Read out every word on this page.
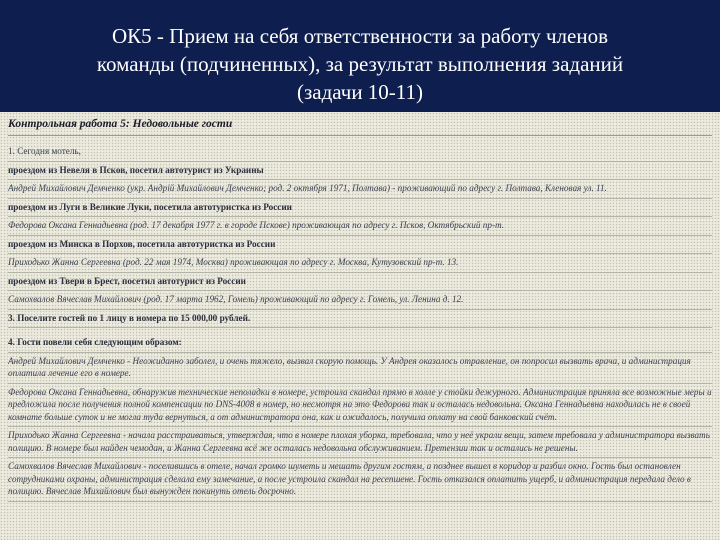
ОК5 - Прием на себя ответственности за работу членов
команды (подчиненных), за результат выполнения заданий
(задачи 10-11)
Контрольная работа 5: Недовольные гости
1. Сегодня мотель,
проездом из Невеля в Псков, посетил автотурист из Украины
Андрей Михайлович Демченко (укр. Андрій Михайлович Демченко; род. 2 октября 1971, Полтава) - проживающий по адресу г. Полтава, Кленовая ул. 11.
проездом из Луги в Великие Луки, посетила автотуристка из России
Федорова Оксана Геннадьевна (род. 17 декабря 1977 г. в городе Пскове) проживающая по адресу г. Псков, Октябрьский пр-т.
проездом из Минска в Порхов, посетила автотуристка из России
Приходько Жанна Сергеевна (род. 22 мая 1974, Москва) проживающая по адресу г. Москва, Кутузовский пр-т. 13.
проездом из Твери в Брест, посетил автотурист из России
Самохвалов Вячеслав Михайлович (род. 17 марта 1962, Гомель) проживающий по адресу г. Гомель, ул. Ленина д. 12.
3. Поселите гостей по 1 лицу в номера по 15 000,00 рублей.
4. Гости повели себя следующим образом:
Андрей Михайлович Демченко - Неожиданно заболел, и очень тяжело, вызвал скорую помощь. У Андрея оказалось отравление, он попросил вызвать врача, и администрация оплатила лечение его в номере.
Федорова Оксана Геннадьевна, обнаружив технические неполадки в номере, устроила скандал прямо в холле у стойки дежурного. Администрация приняла все возможные меры и предложила после получения полной компенсации по DNS-4008 в номер, но несмотря на это Федорова так и осталась недовольна. Оксана Геннадьевна находилась не в своей комнате больше суток и не могла туда вернуться, а от администратора она, как и ожидалось, получила оплату на свой банковский счёт.
Приходько Жанна Сергеевна - начала расстраиваться, утверждая, что в номере плохая уборка, требовала, что у неё украли вещи, затем требовала у администратора вызвать полицию. В номере был найден чемодан, и Жанна Сергеевна всё же осталась недовольна обслуживанием. Претензии так и остались не решены.
Самохвалов Вячеслав Михайлович - поселившись в отеле, начал громко шуметь и мешать другим гостям, а позднее вышел в коридор и разбил окно. Гость был остановлен сотрудниками охраны, администрация сделала ему замечание, а после устроила скандал на ресепшене. Гость отказался оплатить ущерб, и администрация передала дело в полицию. Вячеслав Михайлович был вынужден покинуть отель досрочно.
